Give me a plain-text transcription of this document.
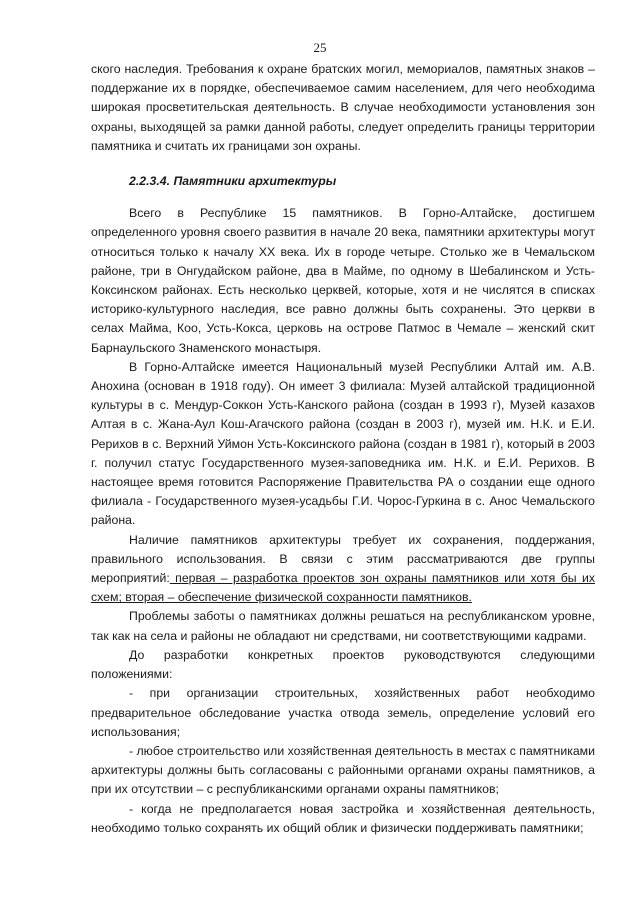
25

ского наследия. Требования к охране братских могил, мемориалов, памятных знаков – поддержание их в порядке, обеспечиваемое самим населением, для чего необходима широкая просветительская деятельность. В случае необходимости установления зон охраны, выходящей за рамки данной работы, следует определить границы территории памятника и считать их границами зон охраны.

2.2.3.4. Памятники архитектуры

Всего в Республике 15 памятников. В Горно-Алтайске, достигшем определенного уровня своего развития в начале 20 века, памятники архитектуры могут относиться только к началу ХХ века. Их в городе четыре. Столько же в Чемальском районе, три в Онгудайском районе, два в Майме, по одному в Шебалинском и Усть-Коксинском районах. Есть несколько церквей, которые, хотя и не числятся в списках историко-культурного наследия, все равно должны быть сохранены. Это церкви в селах Майма, Коо, Усть-Кокса, церковь на острове Патмос в Чемале – женский скит Барнаульского Знаменского монастыря.

В Горно-Алтайске имеется Национальный музей Республики Алтай им. А.В. Анохина (основан в 1918 году). Он имеет 3 филиала: Музей алтайской традиционной культуры в с. Мендур-Соккон Усть-Канского района (создан в 1993 г), Музей казахов Алтая в с. Жана-Аул Кош-Агачского района (создан в 2003 г), музей им. Н.К. и Е.И. Рерихов в с. Верхний Уймон Усть-Коксинского района (создан в 1981 г), который в 2003 г. получил статус Государственного музея-заповедника им. Н.К. и Е.И. Рерихов. В настоящее время готовится Распоряжение Правительства РА о создании еще одного филиала - Государственного музея-усадьбы Г.И. Чорос-Гуркина в с. Анос Чемальского района.

Наличие памятников архитектуры требует их сохранения, поддержания, правильного использования. В связи с этим рассматриваются две группы мероприятий: первая – разработка проектов зон охраны памятников или хотя бы их схем; вторая – обеспечение физической сохранности памятников.

Проблемы заботы о памятниках должны решаться на республиканском уровне, так как на села и районы не обладают ни средствами, ни соответствующими кадрами.

До разработки конкретных проектов руководствуются следующими положениями:

- при организации строительных, хозяйственных работ необходимо предварительное обследование участка отвода земель, определение условий его использования;

- любое строительство или хозяйственная деятельность в местах с памятниками архитектуры должны быть согласованы с районными органами охраны памятников, а при их отсутствии – с республиканскими органами охраны памятников;

- когда не предполагается новая застройка и хозяйственная деятельность, необходимо только сохранять их общий облик и физически поддерживать памятники;
